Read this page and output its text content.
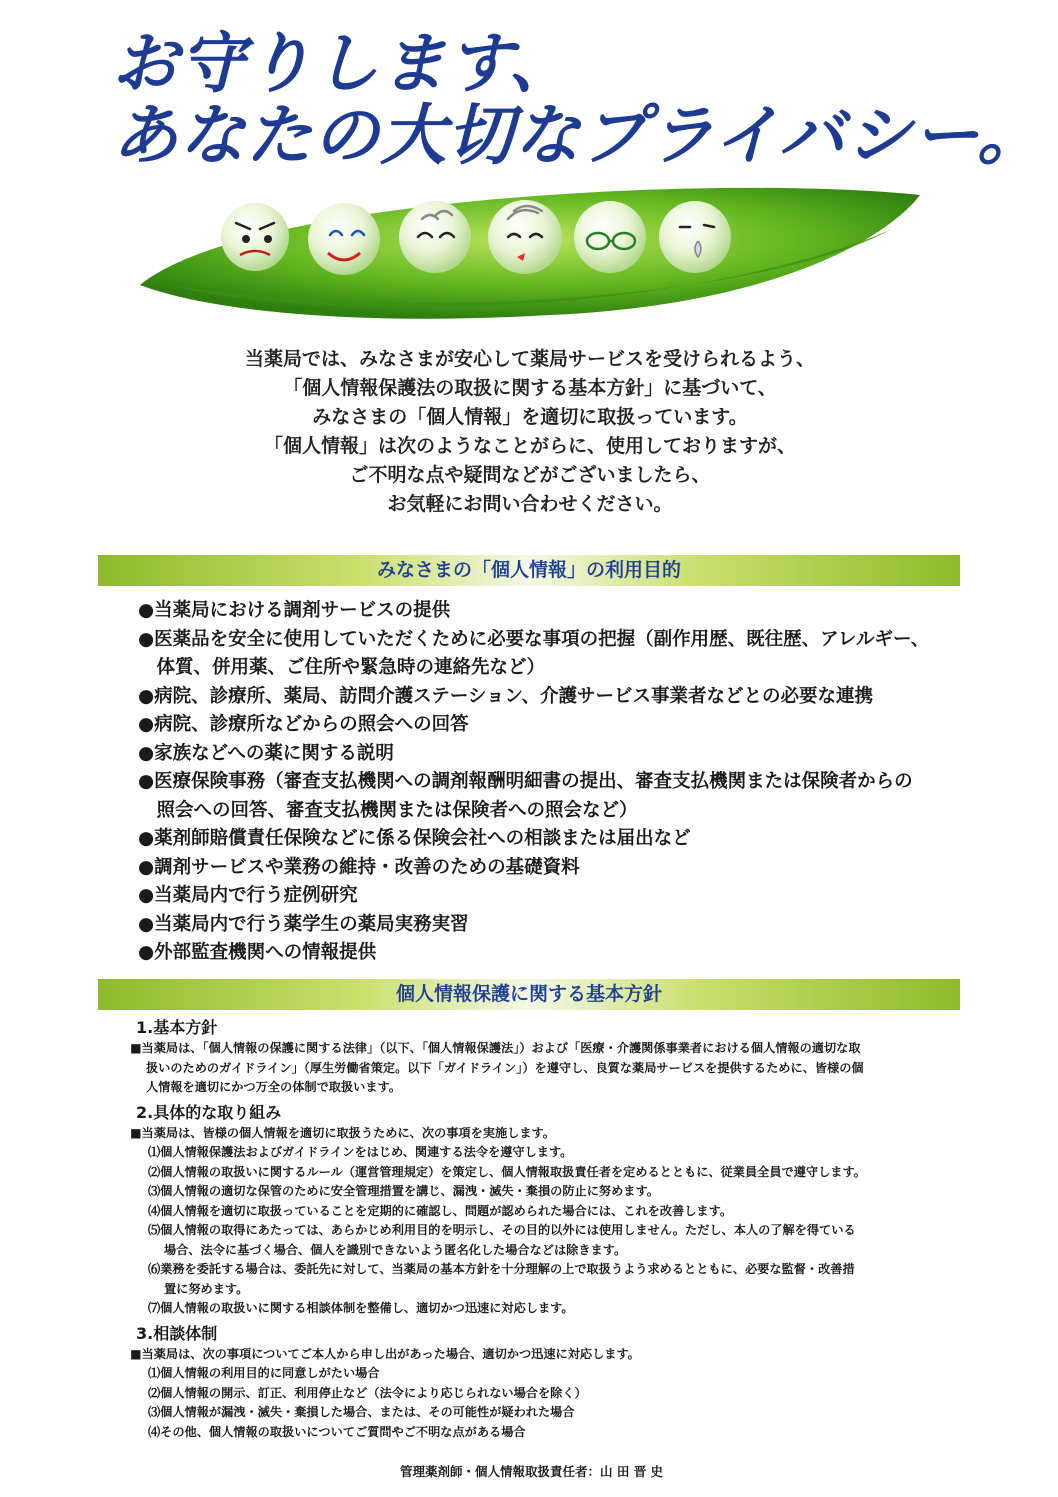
お守りします、
あなたの大切なプライバシー。
当薬局では、みなさまが安心して薬局サービスを受けられるよう、
「個人情報保護法の取扱に関する基本方針」に基づいて、
みなさまの「個人情報」を適切に取扱っています。
「個人情報」は次のようなことがらに、使用しておりますが、
ご不明な点や疑問などがございましたら、
お気軽にお問い合わせください。
みなさまの「個人情報」の利用目的
●当薬局における調剤サービスの提供
●医薬品を安全に使用していただくために必要な事項の把握（副作用歴、既往歴、アレルギー、
　体質、併用薬、ご住所や緊急時の連絡先など）
●病院、診療所、薬局、訪問介護ステーション、介護サービス事業者などとの必要な連携
●病院、診療所などからの照会への回答
●家族などへの薬に関する説明
●医療保険事務（審査支払機関への調剤報酬明細書の提出、審査支払機関または保険者からの
　照会への回答、審査支払機関または保険者への照会など）
●薬剤師賠償責任保険などに係る保険会社への相談または届出など
●調剤サービスや業務の維持・改善のための基礎資料
●当薬局内で行う症例研究
●当薬局内で行う薬学生の薬局実務実習
●外部監査機関への情報提供
個人情報保護に関する基本方針
1.基本方針
■当薬局は、「個人情報の保護に関する法律」（以下、「個人情報保護法」）および「医療・介護関係事業者における個人情報の適切な取
扱いのためのガイドライン」（厚生労働省策定。以下「ガイドライン」）を遵守し、良質な薬局サービスを提供するために、皆様の個
人情報を適切にかつ万全の体制で取扱います。
2.具体的な取り組み
■当薬局は、皆様の個人情報を適切に取扱うために、次の事項を実施します。
⑴個人情報保護法およびガイドラインをはじめ、関連する法令を遵守します。
⑵個人情報の取扱いに関するルール（運営管理規定）を策定し、個人情報取扱責任者を定めるとともに、従業員全員で遵守します。
⑶個人情報の適切な保管のために安全管理措置を講じ、漏洩・滅失・棄損の防止に努めます。
⑷個人情報を適切に取扱っていることを定期的に確認し、問題が認められた場合には、これを改善します。
⑸個人情報の取得にあたっては、あらかじめ利用目的を明示し、その目的以外には使用しません。ただし、本人の了解を得ている
場合、法令に基づく場合、個人を識別できないよう匿名化した場合などは除きます。
⑹業務を委託する場合は、委託先に対して、当薬局の基本方針を十分理解の上で取扱うよう求めるとともに、必要な監督・改善措
置に努めます。
⑺個人情報の取扱いに関する相談体制を整備し、適切かつ迅速に対応します。
3.相談体制
■当薬局は、次の事項についてご本人から申し出があった場合、適切かつ迅速に対応します。
⑴個人情報の利用目的に同意しがたい場合
⑵個人情報の開示、訂正、利用停止など（法令により応じられない場合を除く）
⑶個人情報が漏洩・滅失・棄損した場合、または、その可能性が疑われた場合
⑷その他、個人情報の取扱いについてご質問やご不明な点がある場合
管理薬剤師・個人情報取扱責任者：山 田 晋 史
